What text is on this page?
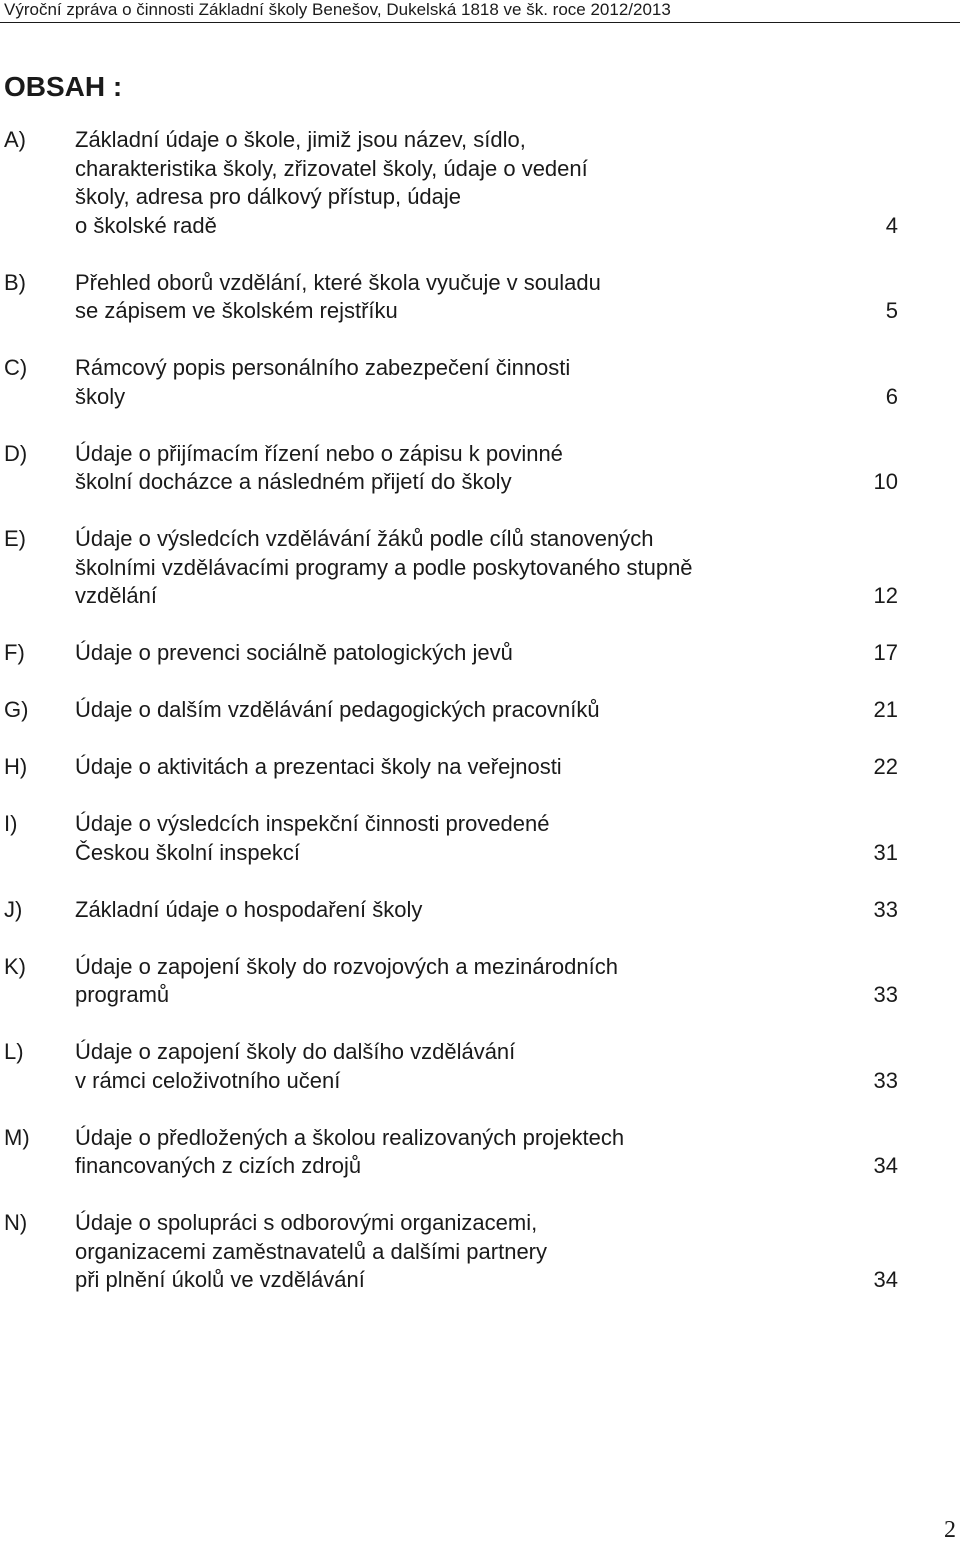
Výroční zpráva o činnosti Základní školy Benešov, Dukelská 1818 ve šk. roce 2012/2013
OBSAH :
A) Základní údaje o škole, jimiž jsou název, sídlo,
charakteristika školy, zřizovatel školy, údaje o vedení
školy, adresa pro dálkový přístup, údaje
o školské radě	4
B) Přehled oborů vzdělání, které škola vyučuje v souladu
se zápisem ve školském rejstříku	5
C) Rámcový popis personálního zabezpečení činnosti
školy	6
D) Údaje o přijímacím řízení nebo o zápisu k povinné
školní docházce a následném přijetí do školy	10
E) Údaje o výsledcích vzdělávání žáků podle cílů stanovených
školními vzdělávacími programy a podle poskytovaného stupně
vzdělání	12
F) Údaje o prevenci sociálně patologických jevů	17
G) Údaje o dalším vzdělávání pedagogických pracovníků	21
H) Údaje o aktivitách a prezentaci školy na veřejnosti	22
I)	Údaje o výsledcích inspekční činnosti provedené
Českou školní inspekcí	31
J) Základní údaje o hospodaření školy	33
K) Údaje o zapojení školy do rozvojových a mezinárodních
programů	33
L) Údaje o zapojení školy do dalšího vzdělávání
v rámci celoživotního učení	33
M) Údaje o předložených a školou realizovaných projektech
financovaných z cizích zdrojů	34
N) Údaje o spolupráci s odborovými organizacemi,
organizacemi zaměstnavatelů a dalšími partnery
při plnění úkolů ve vzdělávání	34
2
